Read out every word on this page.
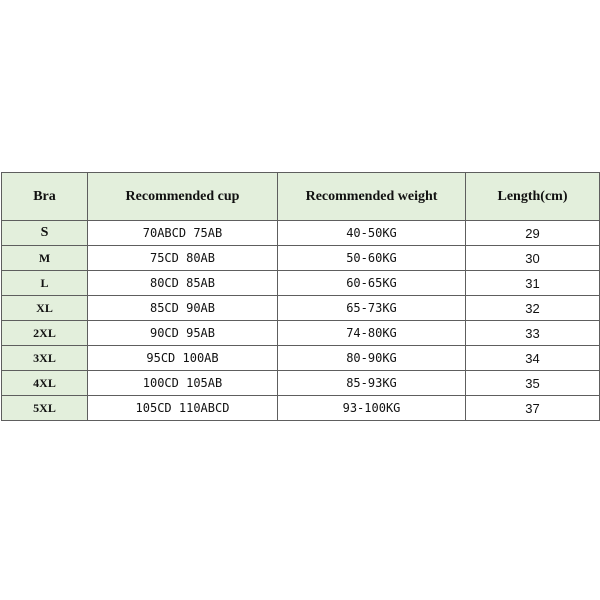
Bra	Recommended cup	Recommended weight	Length(cm)
S	70ABCD 75AB	40-50KG	29
M	75CD 80AB	50-60KG	30
L	80CD 85AB	60-65KG	31
XL	85CD 90AB	65-73KG	32
2XL	90CD 95AB	74-80KG	33
3XL	95CD 100AB	80-90KG	34
4XL	100CD 105AB	85-93KG	35
5XL	105CD 110ABCD	93-100KG	37
